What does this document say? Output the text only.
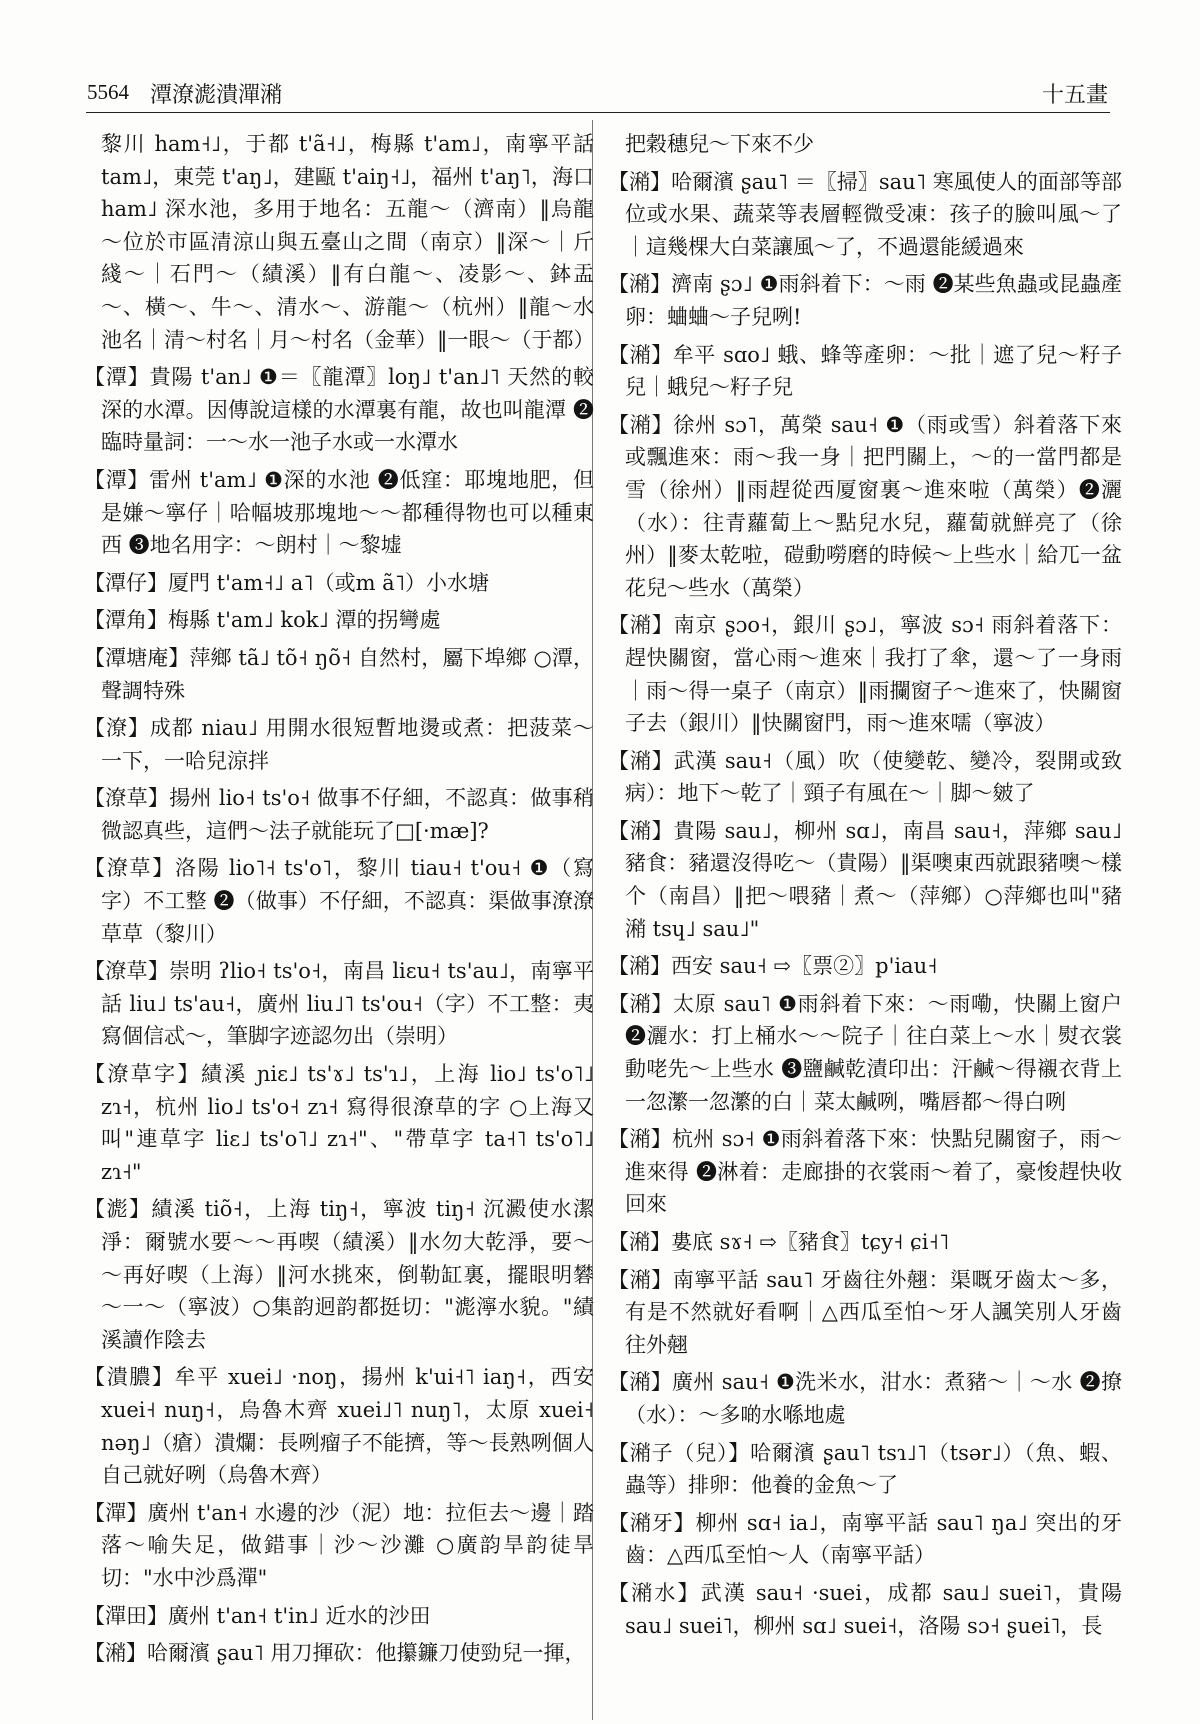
5564 潭潦滮潰潬潲	十五畫

黎川 ham˧˩，于都 t'ã˧˩，梅縣 t'am˩，南寧平話 tam˩，東莞 t'aŋ˩，建甌 t'aiŋ˧˩，福州 t'aŋ˥，海口 ham˩ 深水池，多用于地名：五龍～（濟南）‖烏龍～位於市區清涼山與五臺山之間（南京）‖深～｜斤綫～｜石門～（績溪）‖有白龍～、凌影～、鉢盂～、橫～、牛～、清水～、游龍～（杭州）‖龍～水池名｜清～村名｜月～村名（金華）‖一眼～（于都）

【潭】貴陽 t'an˩ ❶＝〖龍潭〗loŋ˩ t'an˩˥ 天然的較深的水潭。因傳說這樣的水潭裏有龍，故也叫龍潭 ❷臨時量詞：一～水一池子水或一水潭水

【潭】雷州 t'am˩ ❶深的水池 ❷低窪：耶塊地肥，但是嫌～寧仔｜哈幅坡那塊地～～都種得物也可以種東西 ❸地名用字：～朗村｜～黎墟

【潭仔】厦門 t'am˧˩ a˥（或m ã˥）小水塘

【潭角】梅縣 t'am˩ kok˩ 潭的拐彎處

【潭塘庵】萍鄉 tã˩ tõ˧ ŋõ˧ 自然村，屬下埠鄉 ○潭，聲調特殊

【潦】成都 niau˩ 用開水很短暫地燙或煮：把菠菜～一下，一哈兒涼拌

【潦草】揚州 lio˧ ts'o˧ 做事不仔細，不認真：做事稍微認真些，這們～法子就能玩了□[·mæ]?

【潦草】洛陽 lio˥˧ ts'o˥，黎川 tiau˧ t'ou˧ ❶（寫字）不工整 ❷（做事）不仔細，不認真：渠做事潦潦草草（黎川）

【潦草】崇明 ʔlio˧ ts'o˧，南昌 liɛu˧ ts'au˩，南寧平話 liu˩ ts'au˧，廣州 liu˩˥ ts'ou˧（字）不工整：夷寫個信忒～，筆脚字迹認勿出（崇明）

【潦草字】績溪 ɲiɛ˩ ts'ɤ˩ ts'ɿ˩，上海 lio˩ ts'o˥˩ zɿ˧，杭州 lio˩ ts'o˧ zɿ˧ 寫得很潦草的字 ○上海又叫"連草字 liɛ˩ ts'o˥˩ zɿ˧"、"帶草字 ta˧˥ ts'o˥˩ zɿ˧"

【滮】績溪 tiõ˧，上海 tiŋ˧，寧波 tiŋ˧ 沉澱使水潔淨：爾號水要～～再喫（績溪）‖水勿大乾淨，要～～再好喫（上海）‖河水挑來，倒勒缸裏，擺眼明礬～一～（寧波）○集韵迥韵都挺切："滮濘水貌。"績溪讀作陰去

【潰膿】牟平 xuei˩ ·noŋ，揚州 k'ui˧˥ iaŋ˧，西安 xuei˧ nuŋ˧，烏魯木齊 xuei˩˥ nuŋ˥，太原 xuei˧ nəŋ˩（瘡）潰爛：長咧瘤子不能擠，等～長熟咧個人自己就好咧（烏魯木齊）

【潬】廣州 t'an˧ 水邊的沙（泥）地：拉佢去～邊｜踏落～喻失足，做錯事｜沙～沙灘 ○廣韵旱韵徒旱切："水中沙爲潬"

【潬田】廣州 t'an˧ t'in˩ 近水的沙田

【潲】哈爾濱 ʂau˥ 用刀揮砍：他攥鐮刀使勁兒一揮，

把穀穗兒～下來不少

【潲】哈爾濱 ʂau˥ ＝〖掃〗sau˥ 寒風使人的面部等部位或水果、蔬菜等表層輕微受凍：孩子的臉叫風～了｜這幾棵大白菜讓風～了，不過還能緩過來

【潲】濟南 ʂɔ˩ ❶雨斜着下：～雨 ❷某些魚蟲或昆蟲產卵：蛐蛐～子兒咧!

【潲】牟平 sɑo˩ 蛾、蜂等產卵：～批｜遮了兒～籽子兒｜蛾兒～籽子兒

【潲】徐州 sɔ˥，萬榮 sau˧ ❶（雨或雪）斜着落下來或飄進來：雨～我一身｜把門關上，～的一當門都是雪（徐州）‖雨趕從西厦窗裏～進來啦（萬榮）❷灑（水）：往青蘿蔔上～點兒水兒，蘿蔔就鮮亮了（徐州）‖麥太乾啦，磑動嘮磨的時候～上些水｜給兀一盆花兒～些水（萬榮）

【潲】南京 ʂɔo˧，銀川 ʂɔ˩，寧波 sɔ˧ 雨斜着落下：趕快關窗，當心雨～進來｜我打了傘，還～了一身雨｜雨～得一桌子（南京）‖雨攔窗子～進來了，快關窗子去（銀川）‖快關窗門，雨～進來嚅（寧波）

【潲】武漢 sau˧（風）吹（使變乾、變冷，裂開或致病）：地下～乾了｜頸子有風在～｜脚～皴了

【潲】貴陽 sau˩，柳州 sɑ˩，南昌 sau˧，萍鄉 sau˩ 豬食：豬還沒得吃～（貴陽）‖渠噢東西就跟豬噢～樣个（南昌）‖把～喂豬｜煮～（萍鄉）○萍鄉也叫"豬潲 tsɥ˩ sau˩"

【潲】西安 sau˧ ⇨〖票②〗p'iau˧

【潲】太原 sau˥ ❶雨斜着下來：～雨嘞，快關上窗户 ❷灑水：打上桶水～～院子｜往白菜上～水｜熨衣裳動咾先～上些水 ❸鹽鹹乾漬印出：汗鹹～得襯衣背上一忽瀿一忽瀿的白｜菜太鹹咧，嘴唇都～得白咧

【潲】杭州 sɔ˧ ❶雨斜着落下來：快點兒關窗子，雨～進來得 ❷淋着：走廊掛的衣裳雨～着了，豪悛趕快收回來

【潲】婁底 sɤ˧ ⇨〖豬食〗tɕy˧ ɕi˧˥

【潲】南寧平話 sau˥ 牙齒往外翹：渠嘅牙齒太～多，有是不然就好看啊｜△西瓜至怕～牙人諷笑別人牙齒往外翹

【潲】廣州 sau˧ ❶洗米水，泔水：煮豬～｜～水 ❷撩（水）：～多啲水喺地處

【潲子（兒）】哈爾濱 ʂau˥ tsɿ˩˥（tsər˩）（魚、蝦、蟲等）排卵：他養的金魚～了

【潲牙】柳州 sɑ˧ ia˩，南寧平話 sau˥ ŋa˩ 突出的牙齒：△西瓜至怕～人（南寧平話）

【潲水】武漢 sau˧ ·suei，成都 sau˩ suei˥，貴陽 sau˩ suei˥，柳州 sɑ˩ suei˧，洛陽 sɔ˧ ʂuei˥，長
